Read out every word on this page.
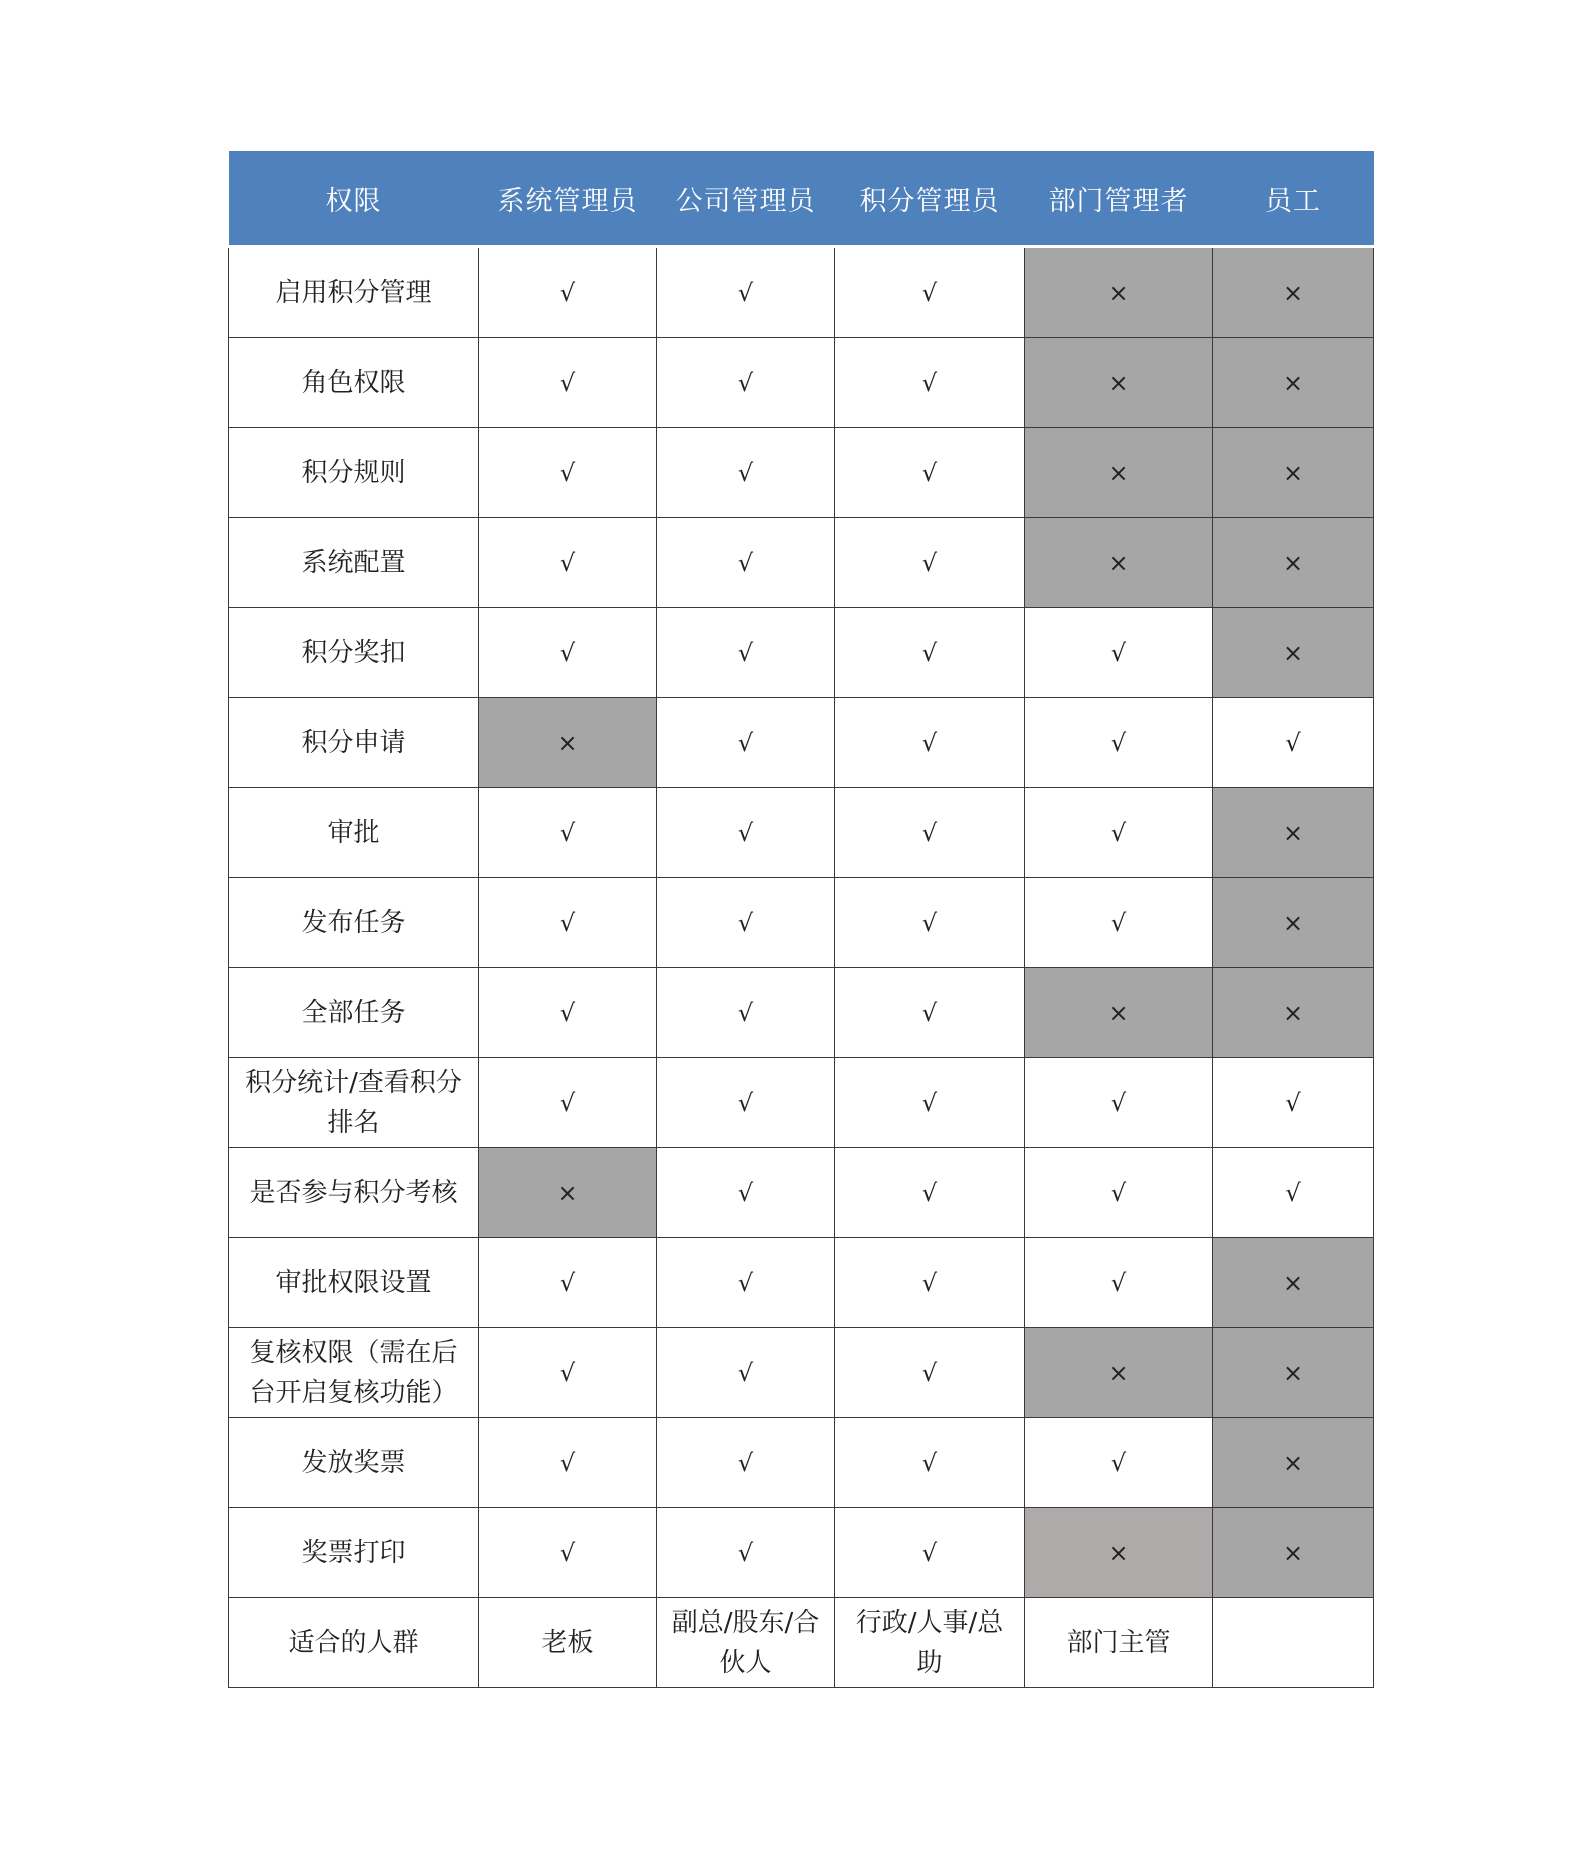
权限	系统管理员	公司管理员	积分管理员	部门管理者	员工
启用积分管理	√	√	√	×	×
角色权限	√	√	√	×	×
积分规则	√	√	√	×	×
系统配置	√	√	√	×	×
积分奖扣	√	√	√	√	×
积分申请	×	√	√	√	√
审批	√	√	√	√	×
发布任务	√	√	√	√	×
全部任务	√	√	√	×	×
积分统计/查看积分排名	√	√	√	√	√
是否参与积分考核	×	√	√	√	√
审批权限设置	√	√	√	√	×
复核权限（需在后台开启复核功能）	√	√	√	×	×
发放奖票	√	√	√	√	×
奖票打印	√	√	√	×	×
适合的人群	老板	副总/股东/合伙人	行政/人事/总助	部门主管	
